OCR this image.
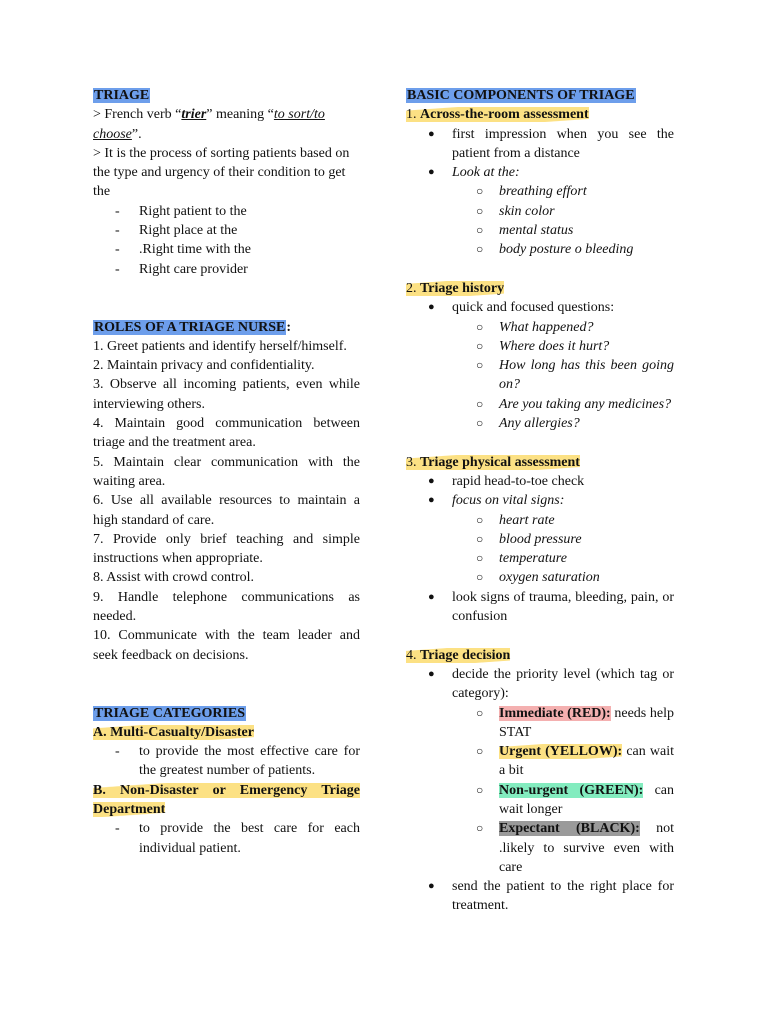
TRIAGE

> French verb “trier” meaning “to sort/to choose”.

> It is the process of sorting patients based on the type and urgency of their condition to get the

-	Right patient to the
-	Right place at the
-	.Right time with the
-	Right care provider

ROLES OF A TRIAGE NURSE:

1. Greet patients and identify herself/himself.

2. Maintain privacy and confidentiality.

3. Observe all incoming patients, even while interviewing others.

4. Maintain good communication between triage and the treatment area.

5. Maintain clear communication with the waiting area.

6. Use all available resources to maintain a high standard of care.

7. Provide only brief teaching and simple instructions when appropriate.

8. Assist with crowd control.

9. Handle telephone communications as needed.

10. Communicate with the team leader and seek feedback on decisions.

TRIAGE CATEGORIES

A. Multi-Casualty/Disaster

-	to provide the most effective care for the greatest number of patients.

B. Non-Disaster or Emergency Triage Department

-	to provide the best care for each individual patient.

BASIC COMPONENTS OF TRIAGE

1. Across-the-room assessment

●	first impression when you see the patient from a distance
●	Look at the:
○	breathing effort
○	skin color
○	mental status
○	body posture o bleeding

2. Triage history

●	quick and focused questions:
○	What happened?
○	Where does it hurt?
○	How long has this been going on?
○	Are you taking any medicines?
○	Any allergies?

3. Triage physical assessment

●	rapid head-to-toe check
●	focus on vital signs:
○	heart rate
○	blood pressure
○	temperature
○	oxygen saturation
●	look signs of trauma, bleeding, pain, or confusion

4. Triage decision

●	decide the priority level (which tag or category):
○	Immediate (RED): needs help STAT
○	Urgent (YELLOW): can wait a bit
○	Non-urgent (GREEN): can wait longer
○	Expectant (BLACK): not .likely to survive even with care
●	send the patient to the right place for treatment.
